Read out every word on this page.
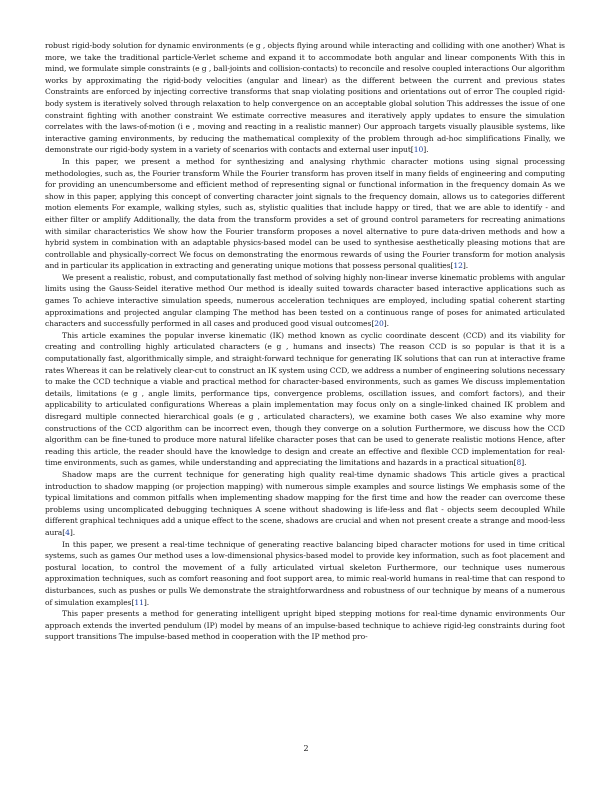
robust rigid-body solution for dynamic environments (e g , objects flying around while interacting and colliding with one another) What is more, we take the traditional particle-Verlet scheme and expand it to accommodate both angular and linear components With this in mind, we formulate simple constraints (e g , ball-joints and collision-contacts) to reconcile and resolve coupled interactions Our algorithm works by approximating the rigid-body velocities (angular and linear) as the different between the current and previous states Constraints are enforced by injecting corrective transforms that snap violating positions and orientations out of error The coupled rigid-body system is iteratively solved through relaxation to help convergence on an acceptable global solution This addresses the issue of one constraint fighting with another constraint We estimate corrective measures and iteratively apply updates to ensure the simulation correlates with the laws-of-motion (i e , moving and reacting in a realistic manner) Our approach targets visually plausible systems, like interactive gaming environments, by reducing the mathematical complexity of the problem through ad-hoc simplifications Finally, we demonstrate our rigid-body system in a variety of scenarios with contacts and external user input[10].

In this paper, we present a method for synthesizing and analysing rhythmic character motions using signal processing methodologies, such as, the Fourier transform While the Fourier transform has proven itself in many fields of engineering and computing for providing an unencumbersome and efficient method of representing signal or functional information in the frequency domain As we show in this paper, applying this concept of converting character joint signals to the frequency domain, allows us to categories different motion elements For example, walking styles, such as, stylistic qualities that include happy or tired, that we are able to identify - and either filter or amplify Additionally, the data from the transform provides a set of ground control parameters for recreating animations with similar characteristics We show how the Fourier transform proposes a novel alternative to pure data-driven methods and how a hybrid system in combination with an adaptable physics-based model can be used to synthesise aesthetically pleasing motions that are controllable and physically-correct We focus on demonstrating the enormous rewards of using the Fourier transform for motion analysis and in particular its application in extracting and generating unique motions that possess personal qualities[12].

We present a realistic, robust, and computationally fast method of solving highly non-linear inverse kinematic problems with angular limits using the Gauss-Seidel iterative method Our method is ideally suited towards character based interactive applications such as games To achieve interactive simulation speeds, numerous acceleration techniques are employed, including spatial coherent starting approximations and projected angular clamping The method has been tested on a continuous range of poses for animated articulated characters and successfully performed in all cases and produced good visual outcomes[20].

This article examines the popular inverse kinematic (IK) method known as cyclic coordinate descent (CCD) and its viability for creating and controlling highly articulated characters (e g , humans and insects) The reason CCD is so popular is that it is a computationally fast, algorithmically simple, and straight-forward technique for generating IK solutions that can run at interactive frame rates Whereas it can be relatively clear-cut to construct an IK system using CCD, we address a number of engineering solutions necessary to make the CCD technique a viable and practical method for character-based environments, such as games We discuss implementation details, limitations (e g , angle limits, performance tips, convergence problems, oscillation issues, and comfort factors), and their applicability to articulated configurations Whereas a plain implementation may focus only on a single-linked chained IK problem and disregard multiple connected hierarchical goals (e g , articulated characters), we examine both cases We also examine why more constructions of the CCD algorithm can be incorrect even, though they converge on a solution Furthermore, we discuss how the CCD algorithm can be fine-tuned to produce more natural lifelike character poses that can be used to generate realistic motions Hence, after reading this article, the reader should have the knowledge to design and create an effective and flexible CCD implementation for real-time environments, such as games, while understanding and appreciating the limitations and hazards in a practical situation[8].

Shadow maps are the current technique for generating high quality real-time dynamic shadows This article gives a practical introduction to shadow mapping (or projection mapping) with numerous simple examples and source listings We emphasis some of the typical limitations and common pitfalls when implementing shadow mapping for the first time and how the reader can overcome these problems using uncomplicated debugging techniques A scene without shadowing is life-less and flat - objects seem decoupled While different graphical techniques add a unique effect to the scene, shadows are crucial and when not present create a strange and mood-less aura[4].

In this paper, we present a real-time technique of generating reactive balancing biped character motions for used in time critical systems, such as games Our method uses a low-dimensional physics-based model to provide key information, such as foot placement and postural location, to control the movement of a fully articulated virtual skeleton Furthermore, our technique uses numerous approximation techniques, such as comfort reasoning and foot support area, to mimic real-world humans in real-time that can respond to disturbances, such as pushes or pulls We demonstrate the straightforwardness and robustness of our technique by means of a numerous of simulation examples[11].

This paper presents a method for generating intelligent upright biped stepping motions for real-time dynamic environments Our approach extends the inverted pendulum (IP) model by means of an impulse-based technique to achieve rigid-leg constraints during foot support transitions The impulse-based method in cooperation with the IP method pro-

2
